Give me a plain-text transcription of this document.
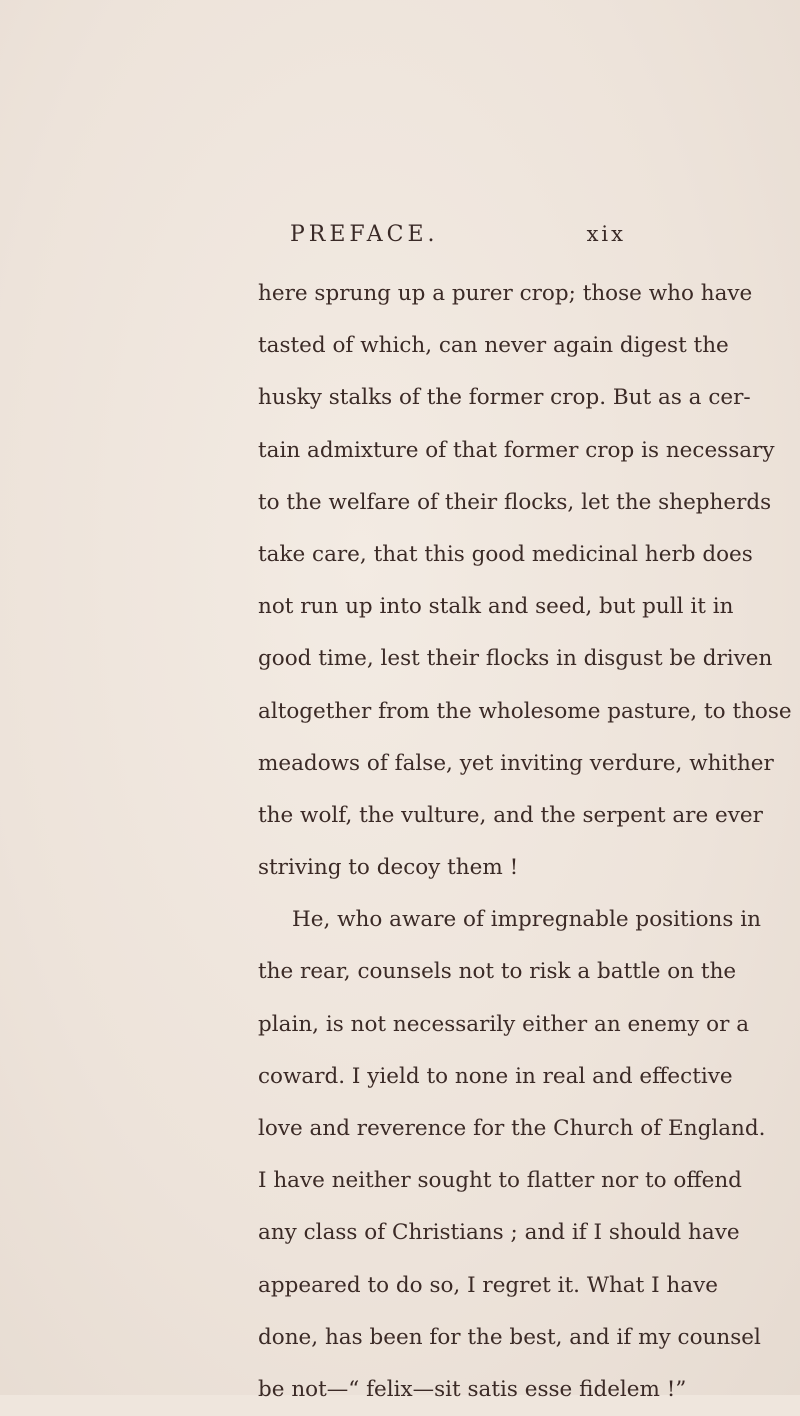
PREFACE.	xix
here sprung up a purer crop; those who have
tasted of which, can never again digest the
husky stalks of the former crop. But as a cer-
tain admixture of that former crop is necessary
to the welfare of their flocks, let the shepherds
take care, that this good medicinal herb does
not run up into stalk and seed, but pull it in
good time, lest their flocks in disgust be driven
altogether from the wholesome pasture, to those
meadows of false, yet inviting verdure, whither
the wolf, the vulture, and the serpent are ever
striving to decoy them !
He, who aware of impregnable positions in
the rear, counsels not to risk a battle on the
plain, is not necessarily either an enemy or a
coward. I yield to none in real and effective
love and reverence for the Church of England.
I have neither sought to flatter nor to offend
any class of Christians ; and if I should have
appeared to do so, I regret it. What I have
done, has been for the best, and if my counsel
be not—“ felix—sit satis esse fidelem !”
